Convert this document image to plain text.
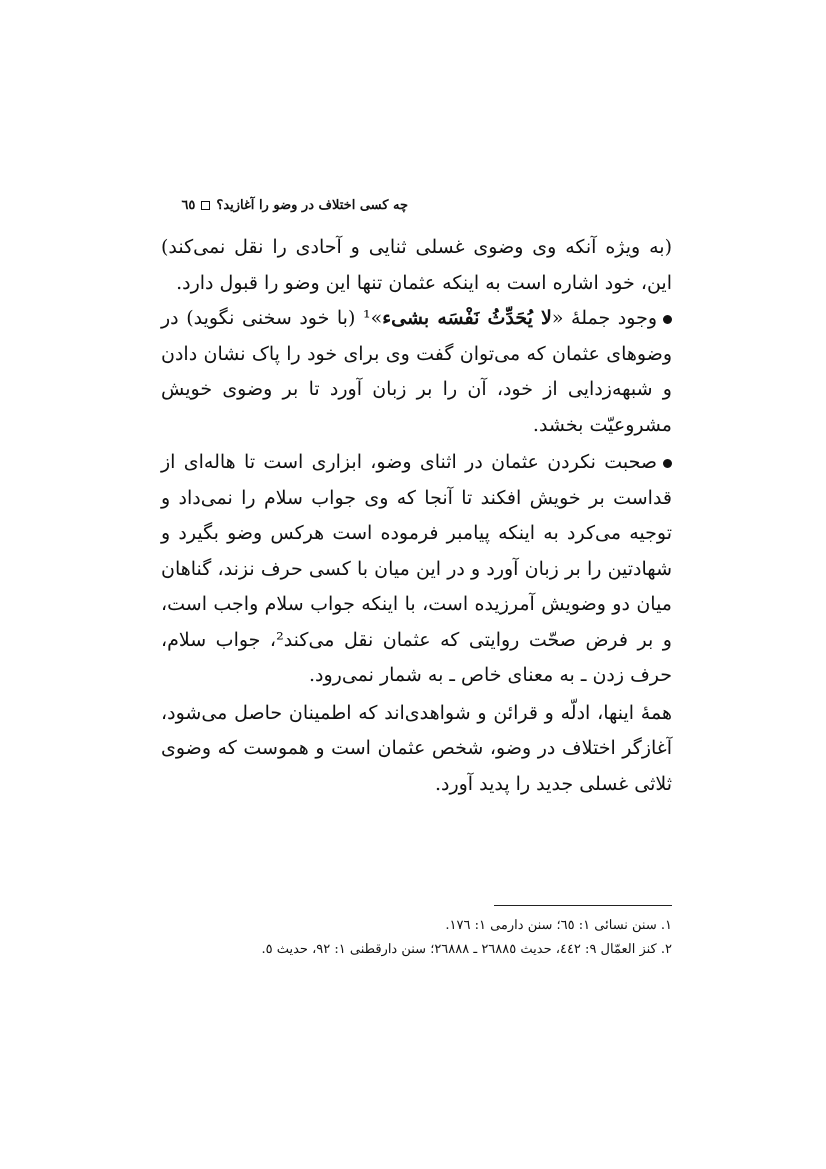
چه کسی اختلاف در وضو را آغازید؟
٦٥

(به ویژه آنکه وی وضوی غسلی ثنایی و آحادی را نقل نمی‌کند) این، خود اشاره است به اینکه عثمان تنها این وضو را قبول دارد.

وجود جملهٔ «لا یُحَدِّثُ نَفْسَه بشیء»¹ (با خود سخنی نگوید) در وضوهای عثمان که می‌توان گفت وی برای خود را پاک نشان دادن و شبهه‌زدایی از خود، آن را بر زبان آورد تا بر وضوی خویش مشروعیّت بخشد.

صحبت نکردن عثمان در اثنای وضو، ابزاری است تا هاله‌ای از قداست بر خویش افکند تا آنجا که وی جواب سلام را نمی‌داد و توجیه می‌کرد به اینکه پیامبر فرموده است هرکس وضو بگیرد و شهادتین را بر زبان آورد و در این میان با کسی حرف نزند، گناهان میان دو وضویش آمرزیده است، با اینکه جواب سلام واجب است، و بر فرض صحّت روایتی که عثمان نقل می‌کند²، جواب سلام، حرف زدن ـ به معنای خاص ـ به شمار نمی‌رود.

همهٔ اینها، ادلّه و قرائن و شواهدی‌اند که اطمینان حاصل می‌شود، آغازگر اختلاف در وضو، شخص عثمان است و هموست که وضوی ثلاثی غسلی جدید را پدید آورد.

١. سنن نسائی ١: ٦٥؛ سنن دارمی ١: ١٧٦.
٢. کنز العمّال ٩: ٤٤٢، حدیث ٢٦٨٨٥ ـ ٢٦٨٨٨؛ سنن دارقطنی ١: ٩٢، حدیث ٥.
